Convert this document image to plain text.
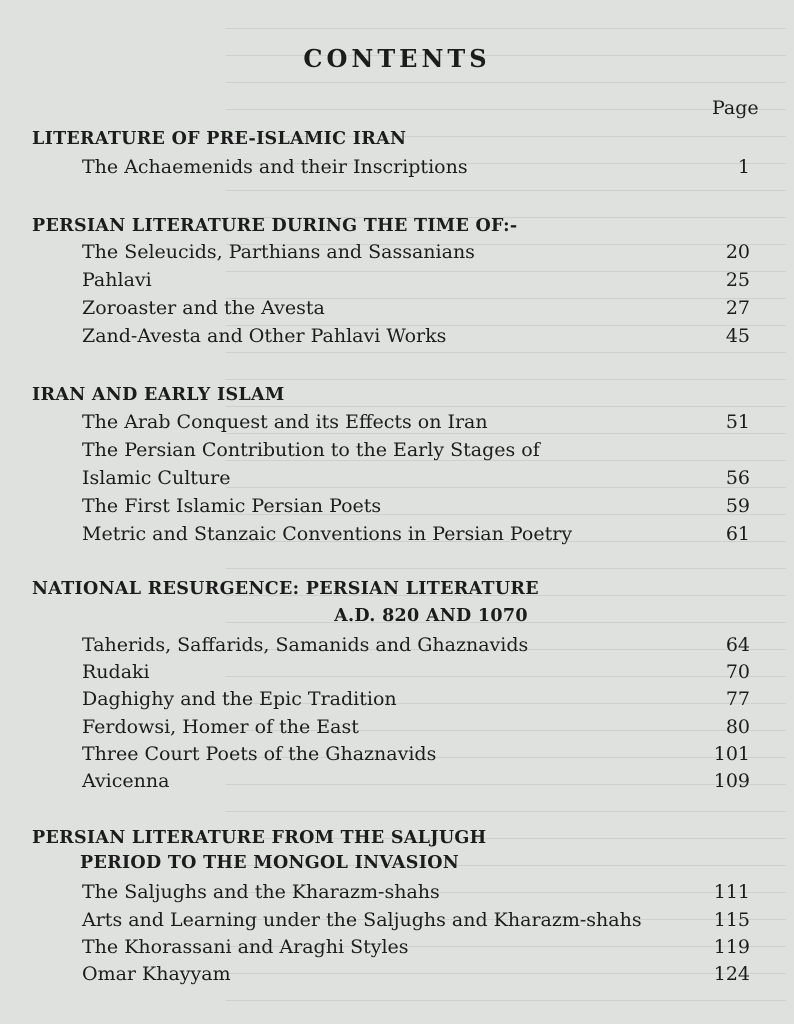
CONTENTS
Page
LITERATURE OF PRE-ISLAMIC IRAN
The Achaemenids and their Inscriptions	1
PERSIAN LITERATURE DURING THE TIME OF:-
The Seleucids, Parthians and Sassanians	20
Pahlavi	25
Zoroaster and the Avesta	27
Zand-Avesta and Other Pahlavi Works	45
IRAN AND EARLY ISLAM
The Arab Conquest and its Effects on Iran	51
The Persian Contribution to the Early Stages of
Islamic Culture	56
The First Islamic Persian Poets	59
Metric and Stanzaic Conventions in Persian Poetry	61
NATIONAL RESURGENCE: PERSIAN LITERATURE
A.D. 820 AND 1070
Taherids, Saffarids, Samanids and Ghaznavids	64
Rudaki	70
Daghighy and the Epic Tradition	77
Ferdowsi, Homer of the East	80
Three Court Poets of the Ghaznavids	101
Avicenna	109
PERSIAN LITERATURE FROM THE SALJUGH
PERIOD TO THE MONGOL INVASION
The Saljughs and the Kharazm-shahs	111
Arts and Learning under the Saljughs and Kharazm-shahs	115
The Khorassani and Araghi Styles	119
Omar Khayyam	124
